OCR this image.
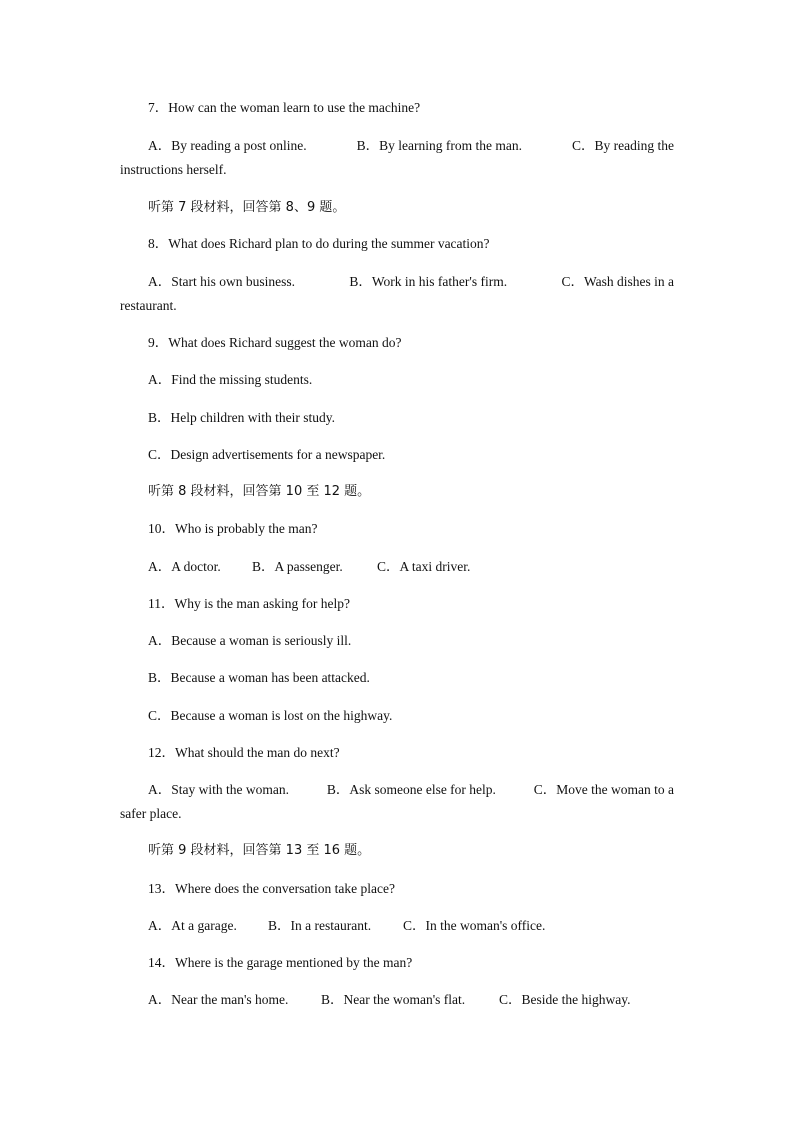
7．How can the woman learn to use the machine?
A．By reading a post online.	B．By learning from the man.	C．By reading the
instructions herself.
听第 7 段材料，回答第 8、9 题。
8．What does Richard plan to do during the summer vacation?
A．Start his own business.	B．Work in his father's firm.	C．Wash dishes in a
restaurant.
9．What does Richard suggest the woman do?
A．Find the missing students.
B．Help children with their study.
C．Design advertisements for a newspaper.
听第 8 段材料，回答第 10 至 12 题。
10．Who is probably the man?
A．A doctor. B．A passenger.	C．A taxi driver.
11．Why is the man asking for help?
A．Because a woman is seriously ill.
B．Because a woman has been attacked.
C．Because a woman is lost on the highway.
12．What should the man do next?
A．Stay with the woman.	B．Ask someone else for help.	C．Move the woman to a
safer place.
听第 9 段材料，回答第 13 至 16 题。
13．Where does the conversation take place?
A．At a garage. B．In a restaurant. C．In the woman's office.
14．Where is the garage mentioned by the man?
A．Near the man's home. B．Near the woman's flat.	C．Beside the highway.
